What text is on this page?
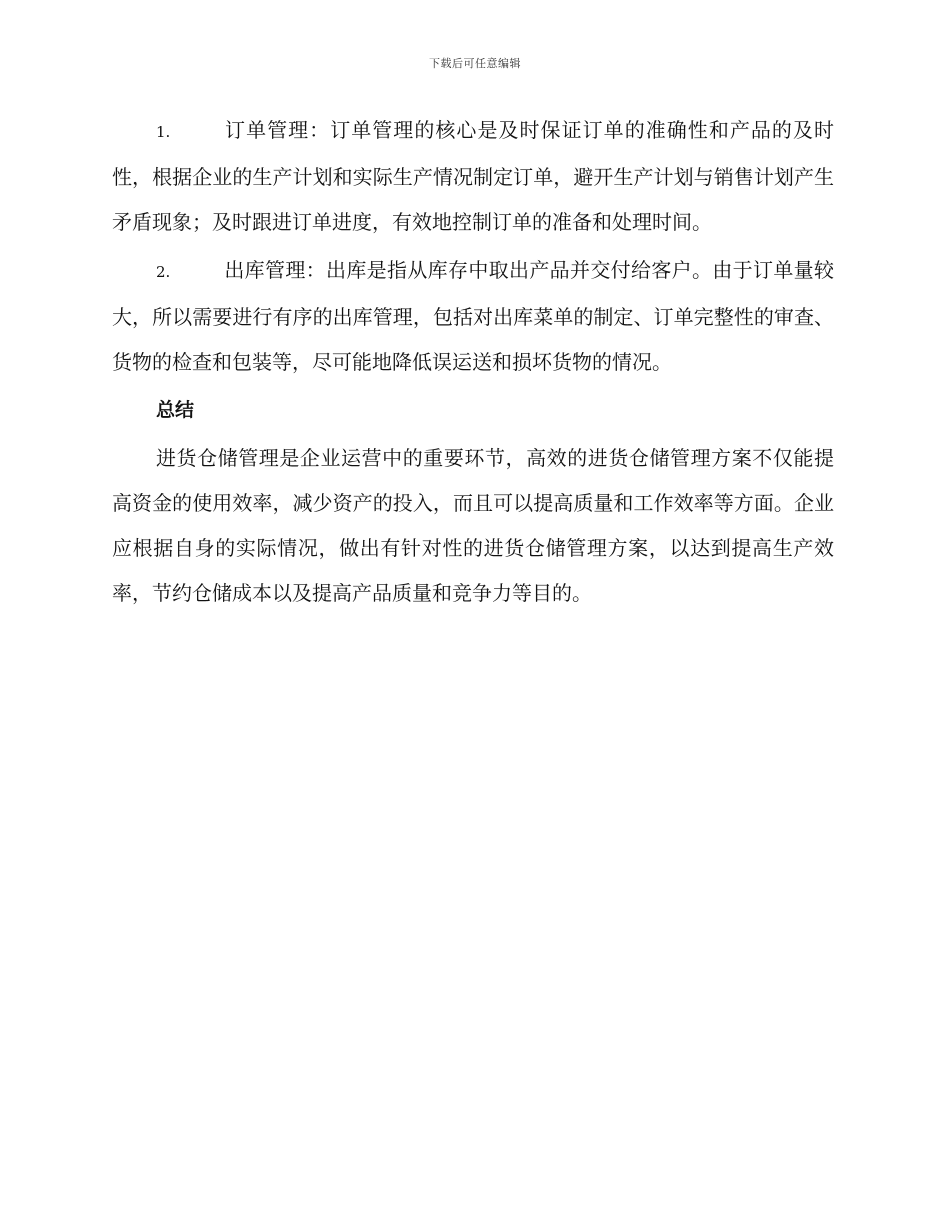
下载后可任意编辑

1.	订单管理：订单管理的核心是及时保证订单的准确性和产品的及时性，根据企业的生产计划和实际生产情况制定订单，避开生产计划与销售计划产生矛盾现象；及时跟进订单进度，有效地控制订单的准备和处理时间。

2.	出库管理：出库是指从库存中取出产品并交付给客户。由于订单量较大，所以需要进行有序的出库管理，包括对出库菜单的制定、订单完整性的审查、货物的检查和包装等，尽可能地降低误运送和损坏货物的情况。

总结

进货仓储管理是企业运营中的重要环节，高效的进货仓储管理方案不仅能提高资金的使用效率，减少资产的投入，而且可以提高质量和工作效率等方面。企业应根据自身的实际情况，做出有针对性的进货仓储管理方案，以达到提高生产效率，节约仓储成本以及提高产品质量和竞争力等目的。
